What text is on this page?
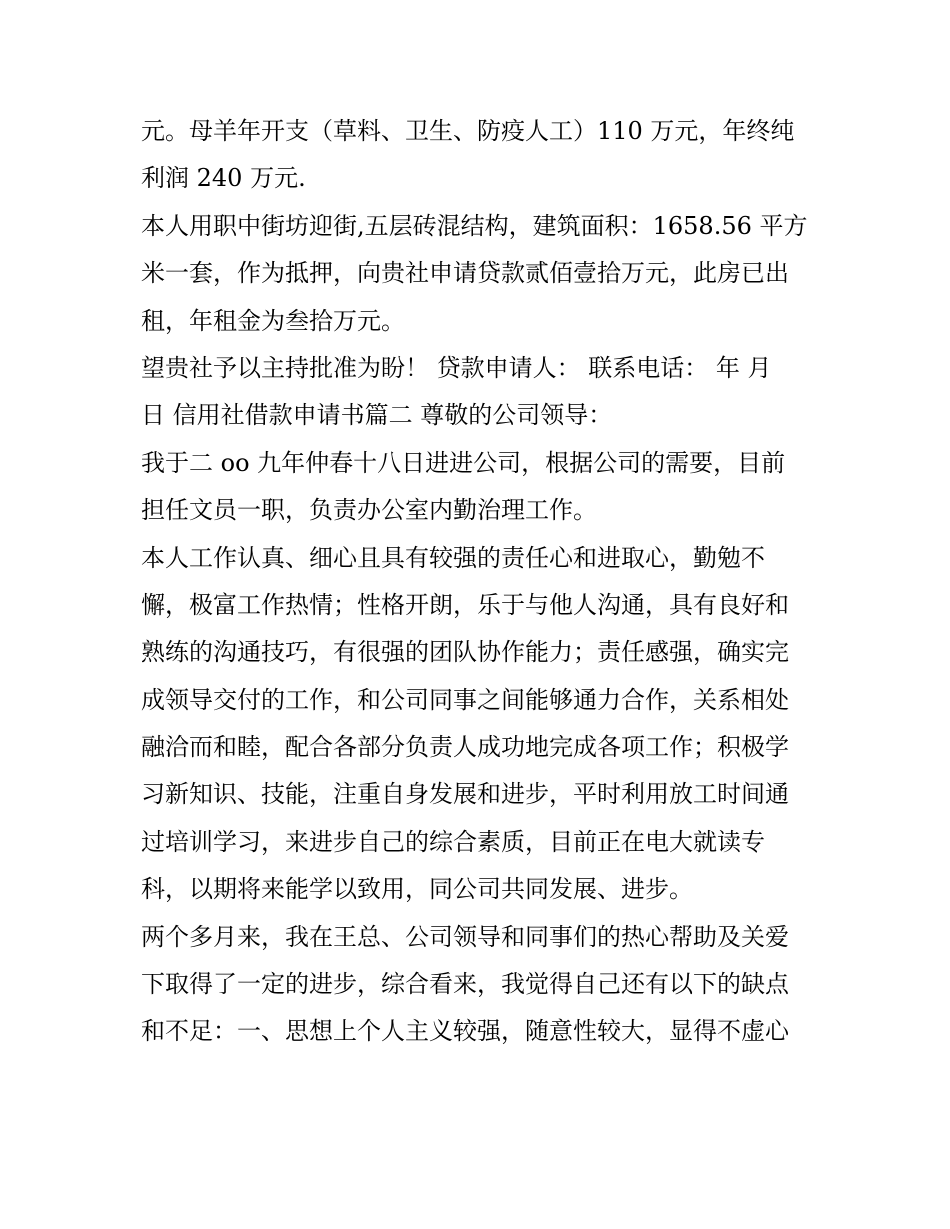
元。母羊年开支（草料、卫生、防疫人工）110 万元，年终纯
利润 240 万元.
本人用职中街坊迎街,五层砖混结构，建筑面积：1658.56 平方
米一套，作为抵押，向贵社申请贷款贰佰壹拾万元，此房已出
租，年租金为叁拾万元。
望贵社予以主持批准为盼！ 贷款申请人： 联系电话： 年 月
日 信用社借款申请书篇二 尊敬的公司领导：
我于二 oo 九年仲春十八日进进公司，根据公司的需要，目前
担任文员一职，负责办公室内勤治理工作。
本人工作认真、细心且具有较强的责任心和进取心，勤勉不
懈，极富工作热情；性格开朗，乐于与他人沟通，具有良好和
熟练的沟通技巧，有很强的团队协作能力；责任感强，确实完
成领导交付的工作，和公司同事之间能够通力合作，关系相处
融洽而和睦，配合各部分负责人成功地完成各项工作；积极学
习新知识、技能，注重自身发展和进步，平时利用放工时间通
过培训学习，来进步自己的综合素质，目前正在电大就读专
科，以期将来能学以致用，同公司共同发展、进步。
两个多月来，我在王总、公司领导和同事们的热心帮助及关爱
下取得了一定的进步，综合看来，我觉得自己还有以下的缺点
和不足：一、思想上个人主义较强，随意性较大，显得不虚心
